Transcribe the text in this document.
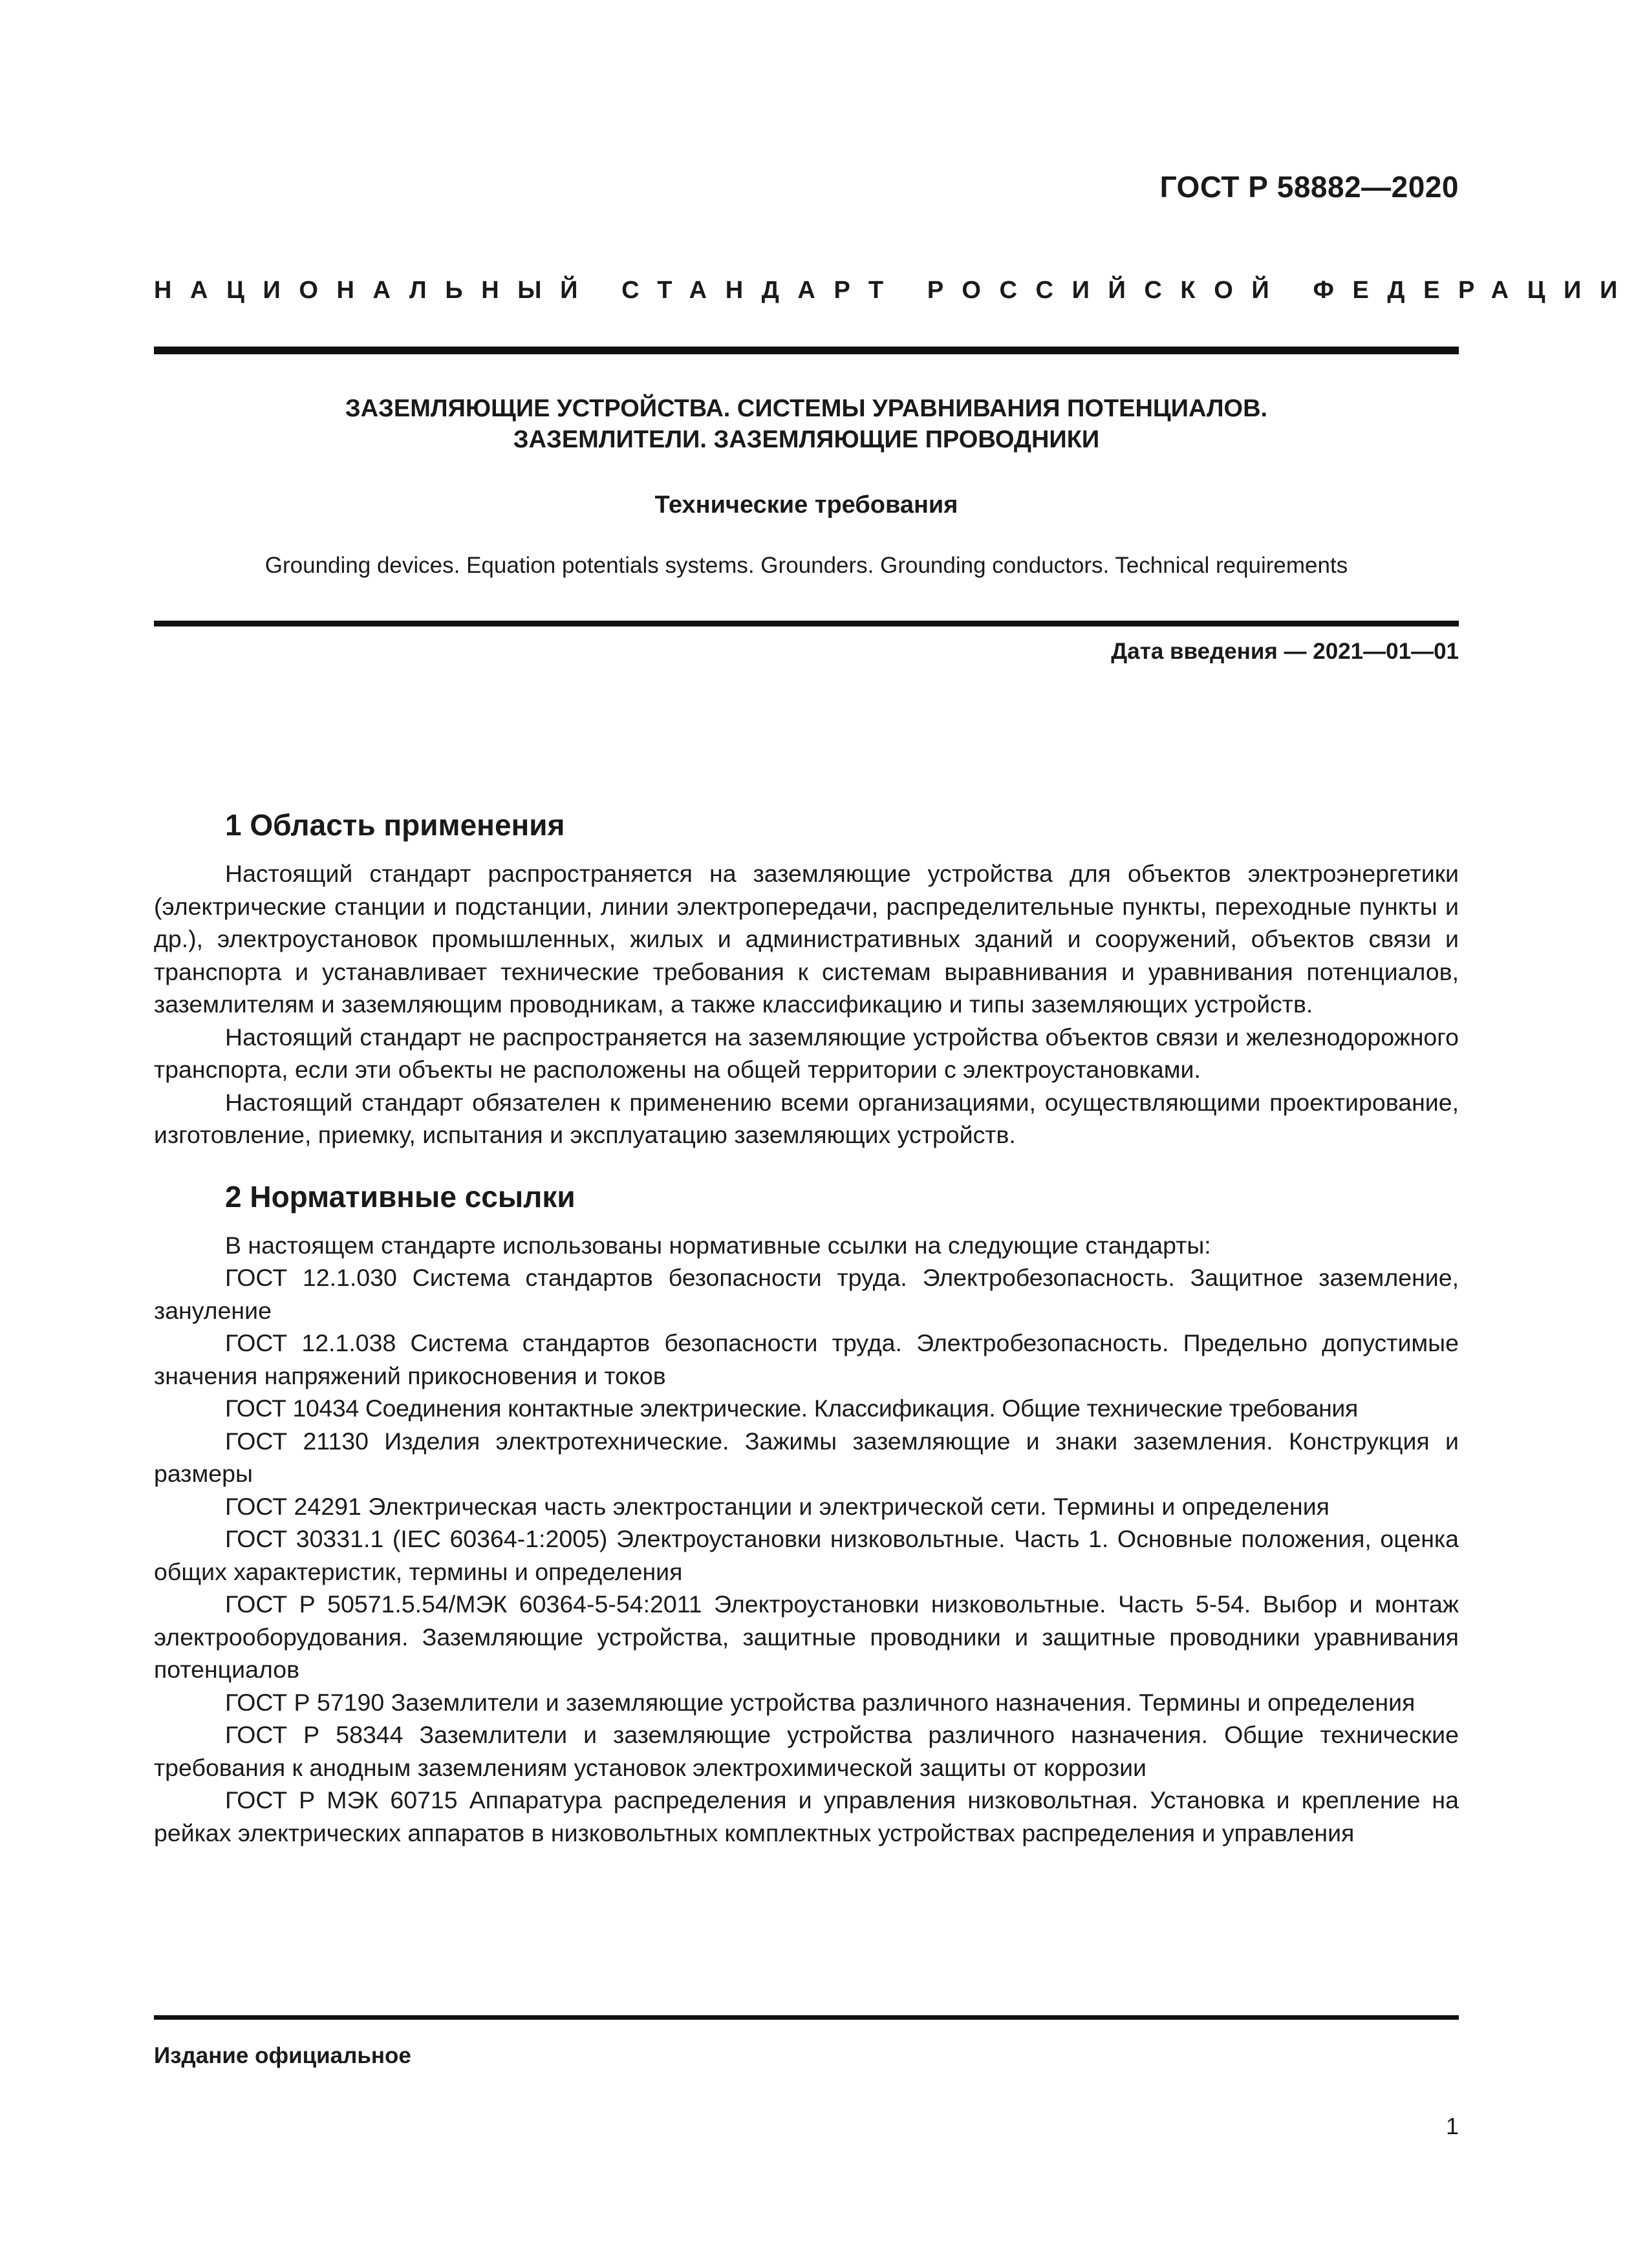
ГОСТ Р 58882—2020
НАЦИОНАЛЬНЫЙ СТАНДАРТ РОССИЙСКОЙ ФЕДЕРАЦИИ
ЗАЗЕМЛЯЮЩИЕ УСТРОЙСТВА. СИСТЕМЫ УРАВНИВАНИЯ ПОТЕНЦИАЛОВ.
ЗАЗЕМЛИТЕЛИ. ЗАЗЕМЛЯЮЩИЕ ПРОВОДНИКИ
Технические требования
Grounding devices. Equation potentials systems. Grounders. Grounding conductors. Technical requirements
Дата введения — 2021—01—01
1 Область применения

Настоящий стандарт распространяется на заземляющие устройства для объектов электроэнергетики (электрические станции и подстанции, линии электропередачи, распределительные пункты, переходные пункты и др.), электроустановок промышленных, жилых и административных зданий и сооружений, объектов связи и транспорта и устанавливает технические требования к системам выравнивания и уравнивания потенциалов, заземлителям и заземляющим проводникам, а также классификацию и типы заземляющих устройств.

Настоящий стандарт не распространяется на заземляющие устройства объектов связи и железнодорожного транспорта, если эти объекты не расположены на общей территории с электроустановками.

Настоящий стандарт обязателен к применению всеми организациями, осуществляющими проектирование, изготовление, приемку, испытания и эксплуатацию заземляющих устройств.

2 Нормативные ссылки

В настоящем стандарте использованы нормативные ссылки на следующие стандарты:

ГОСТ 12.1.030 Система стандартов безопасности труда. Электробезопасность. Защитное заземление, зануление

ГОСТ 12.1.038 Система стандартов безопасности труда. Электробезопасность. Предельно допустимые значения напряжений прикосновения и токов

ГОСТ 10434 Соединения контактные электрические. Классификация. Общие технические требования

ГОСТ 21130 Изделия электротехнические. Зажимы заземляющие и знаки заземления. Конструкция и размеры

ГОСТ 24291 Электрическая часть электростанции и электрической сети. Термины и определения

ГОСТ 30331.1 (IEC 60364-1:2005) Электроустановки низковольтные. Часть 1. Основные положения, оценка общих характеристик, термины и определения

ГОСТ Р 50571.5.54/МЭК 60364-5-54:2011 Электроустановки низковольтные. Часть 5-54. Выбор и монтаж электрооборудования. Заземляющие устройства, защитные проводники и защитные проводники уравнивания потенциалов

ГОСТ Р 57190 Заземлители и заземляющие устройства различного назначения. Термины и определения

ГОСТ Р 58344 Заземлители и заземляющие устройства различного назначения. Общие технические требования к анодным заземлениям установок электрохимической защиты от коррозии

ГОСТ Р МЭК 60715 Аппаратура распределения и управления низковольтная. Установка и крепление на рейках электрических аппаратов в низковольтных комплектных устройствах распределения и управления

Издание официальное
1
